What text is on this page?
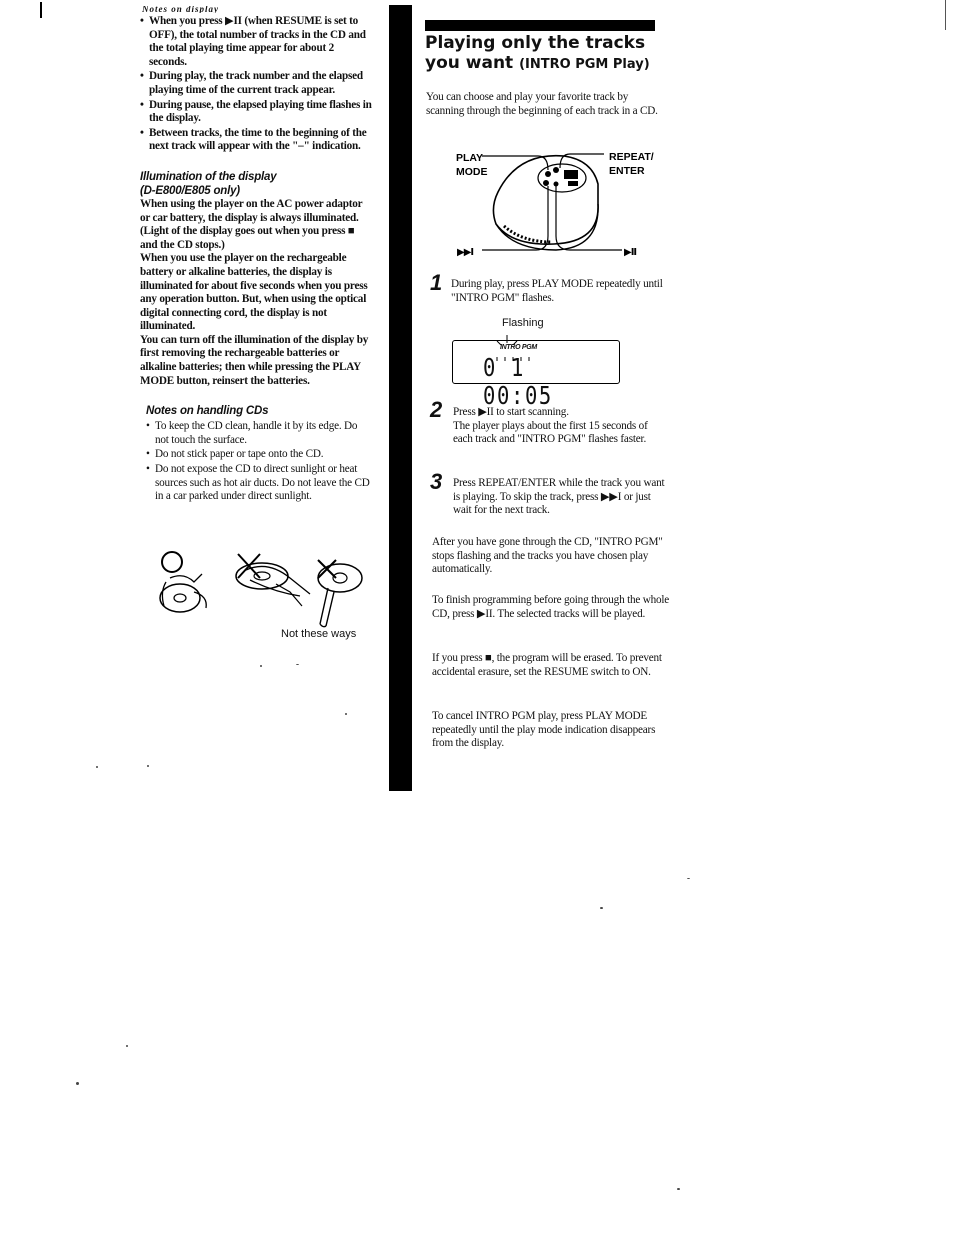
Notes on display
• When you press ▶II (when RESUME is set to OFF), the total number of tracks in the CD and the total playing time appear for about 2 seconds.
• During play, the track number and the elapsed playing time of the current track appear.
• During pause, the elapsed playing time flashes in the display.
• Between tracks, the time to the beginning of the next track will appear with the "–" indication.
Illumination of the display
(D-E800/E805 only)

When using the player on the AC power adaptor or car battery, the display is always illuminated. (Light of the display goes out when you press ■ and the CD stops.)

When you use the player on the rechargeable battery or alkaline batteries, the display is illuminated for about five seconds when you press any operation button. But, when using the optical digital connecting cord, the display is not illuminated.

You can turn off the illumination of the display by first removing the rechargeable batteries or alkaline batteries; then while pressing the PLAY MODE button, reinsert the batteries.

Notes on handling CDs
• To keep the CD clean, handle it by its edge. Do not touch the surface.
• Do not stick paper or tape onto the CD.
• Do not expose the CD to direct sunlight or heat sources such as hot air ducts. Do not leave the CD in a car parked under direct sunlight.
Not these ways
Playing only the tracks
you want (INTRO PGM Play)
You can choose and play your favorite track by scanning through the beginning of each track in a CD.
PLAY
MODE
REPEAT/
ENTER
▶▶I	▶II
1 During play, press PLAY MODE repeatedly until "INTRO PGM" flashes.
Flashing
INTRO PGM
0 1 00:05
2 Press ▶II to start scanning.
The player plays about the first 15 seconds of each track and "INTRO PGM" flashes faster.
3 Press REPEAT/ENTER while the track you want is playing. To skip the track, press ▶▶I or just wait for the next track.
After you have gone through the CD, "INTRO PGM" stops flashing and the tracks you have chosen play automatically.
To finish programming before going through the whole CD, press ▶II. The selected tracks will be played.
If you press ■, the program will be erased. To prevent accidental erasure, set the RESUME switch to ON.
To cancel INTRO PGM play, press PLAY MODE repeatedly until the play mode indication disappears from the display.
